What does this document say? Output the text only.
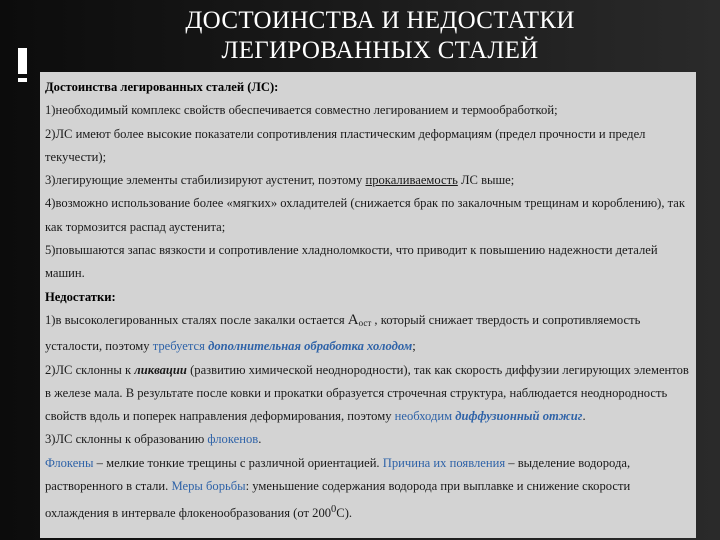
ДОСТОИНСТВА И НЕДОСТАТКИ
ЛЕГИРОВАННЫХ СТАЛЕЙ

Достоинства легированных сталей (ЛС):

1)необходимый комплекс свойств обеспечивается совместно легированием и термообработкой;

2)ЛС имеют более высокие показатели сопротивления пластическим деформациям (предел прочности и предел текучести);

3)легирующие элементы стабилизируют аустенит, поэтому прокаливаемость ЛС выше;

4)возможно использование более «мягких» охладителей (снижается брак по закалочным трещинам и короблению), так как тормозится распад аустенита;

5)повышаются запас вязкости и сопротивление хладноломкости, что приводит к повышению надежности деталей машин.

Недостатки:

1)в высоколегированных сталях после закалки остается $А_{ост}$ , который снижает твердость и сопротивляемость усталости, поэтому требуется дополнительная обработка холодом;

2)ЛС склонны к ликвации (развитию химической неоднородности), так как скорость диффузии легирующих элементов в железе мала. В результате после ковки и прокатки образуется строчечная структура, наблюдается неоднородность свойств вдоль и поперек направления деформирования, поэтому необходим диффузионный отжиг.

3)ЛС склонны к образованию флокенов.

Флокены – мелкие тонкие трещины с различной ориентацией. Причина их появления – выделение водорода, растворенного в стали. Меры борьбы: уменьшение содержания водорода при выплавке и снижение скорости охлаждения в интервале флокенообразования (от $200^0С$).
